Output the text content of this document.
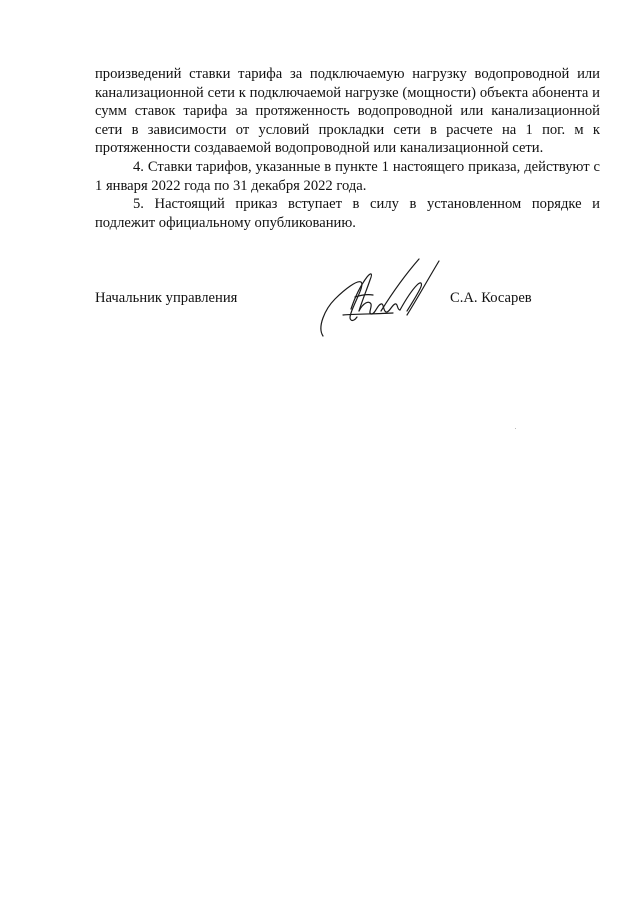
произведений ставки тарифа за подключаемую нагрузку водопроводной или канализационной сети к подключаемой нагрузке (мощности) объекта абонента и сумм ставок тарифа за протяженность водопроводной или канализационной сети в зависимости от условий прокладки сети в расчете на 1 пог. м к протяженности создаваемой водопроводной или канализационной сети.

4. Ставки тарифов, указанные в пункте 1 настоящего приказа, действуют с 1 января 2022 года по 31 декабря 2022 года.

5. Настоящий приказ вступает в силу в установленном порядке и подлежит официальному опубликованию.

Начальник управления	С.А. Косарев
